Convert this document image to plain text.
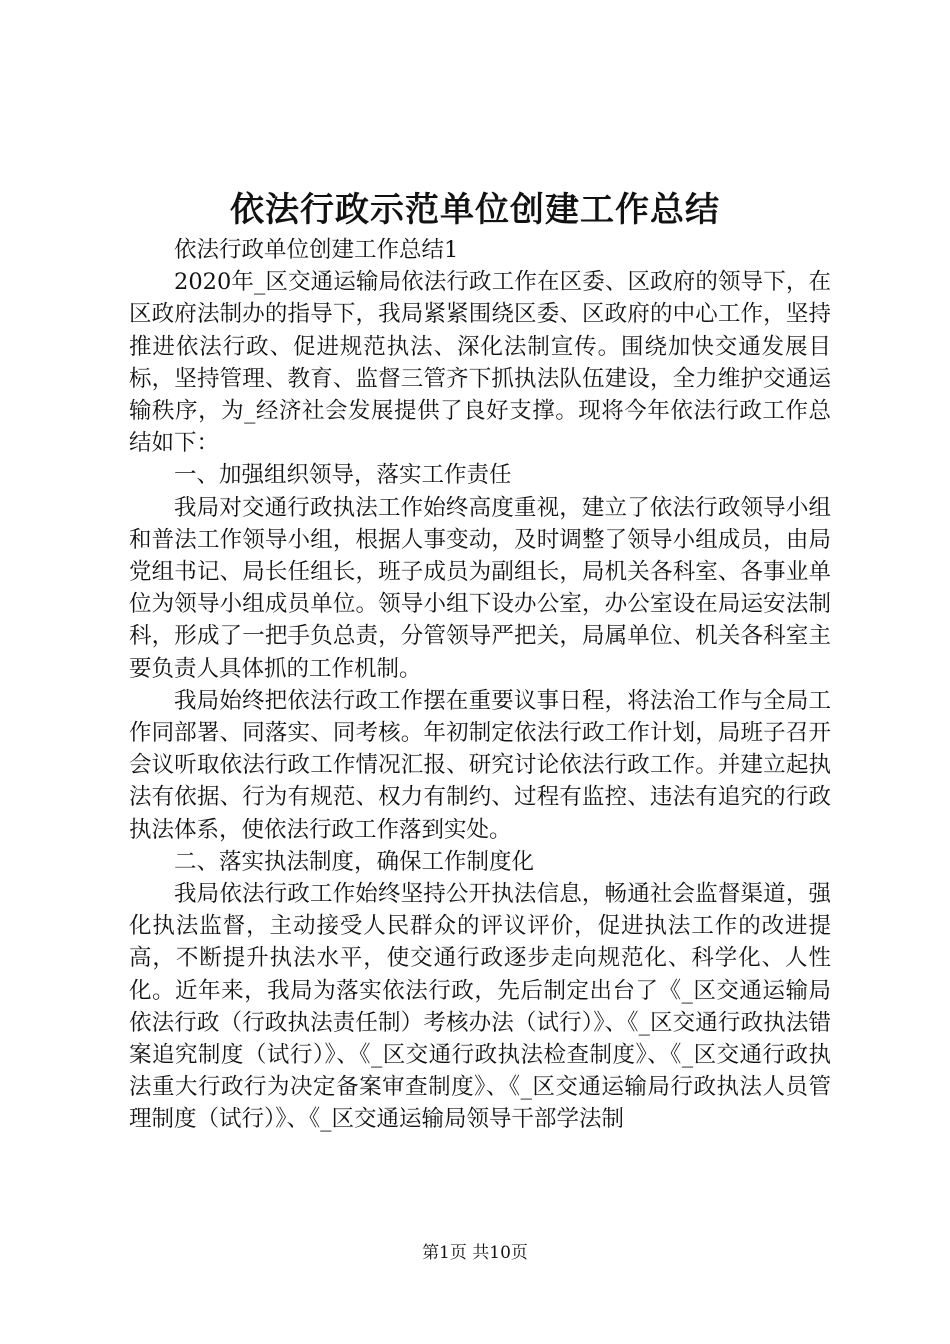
依法行政示范单位创建工作总结

依法行政单位创建工作总结1

2020年_区交通运输局依法行政工作在区委、区政府的领导下，在区政府法制办的指导下，我局紧紧围绕区委、区政府的中心工作，坚持推进依法行政、促进规范执法、深化法制宣传。围绕加快交通发展目标，坚持管理、教育、监督三管齐下抓执法队伍建设，全力维护交通运输秩序，为_经济社会发展提供了良好支撑。现将今年依法行政工作总结如下：

一、加强组织领导，落实工作责任

我局对交通行政执法工作始终高度重视，建立了依法行政领导小组和普法工作领导小组，根据人事变动，及时调整了领导小组成员，由局党组书记、局长任组长，班子成员为副组长，局机关各科室、各事业单位为领导小组成员单位。领导小组下设办公室，办公室设在局运安法制科，形成了一把手负总责，分管领导严把关，局属单位、机关各科室主要负责人具体抓的工作机制。

我局始终把依法行政工作摆在重要议事日程，将法治工作与全局工作同部署、同落实、同考核。年初制定依法行政工作计划，局班子召开会议听取依法行政工作情况汇报、研究讨论依法行政工作。并建立起执法有依据、行为有规范、权力有制约、过程有监控、违法有追究的行政执法体系，使依法行政工作落到实处。

二、落实执法制度，确保工作制度化

我局依法行政工作始终坚持公开执法信息，畅通社会监督渠道，强化执法监督，主动接受人民群众的评议评价，促进执法工作的改进提高，不断提升执法水平，使交通行政逐步走向规范化、科学化、人性化。近年来，我局为落实依法行政，先后制定出台了《_区交通运输局依法行政（行政执法责任制）考核办法（试行）》、《_区交通行政执法错案追究制度（试行）》、《_区交通行政执法检查制度》、《_区交通行政执法重大行政行为决定备案审查制度》、《_区交通运输局行政执法人员管理制度（试行）》、《_区交通运输局领导干部学法制

第1页 共10页
